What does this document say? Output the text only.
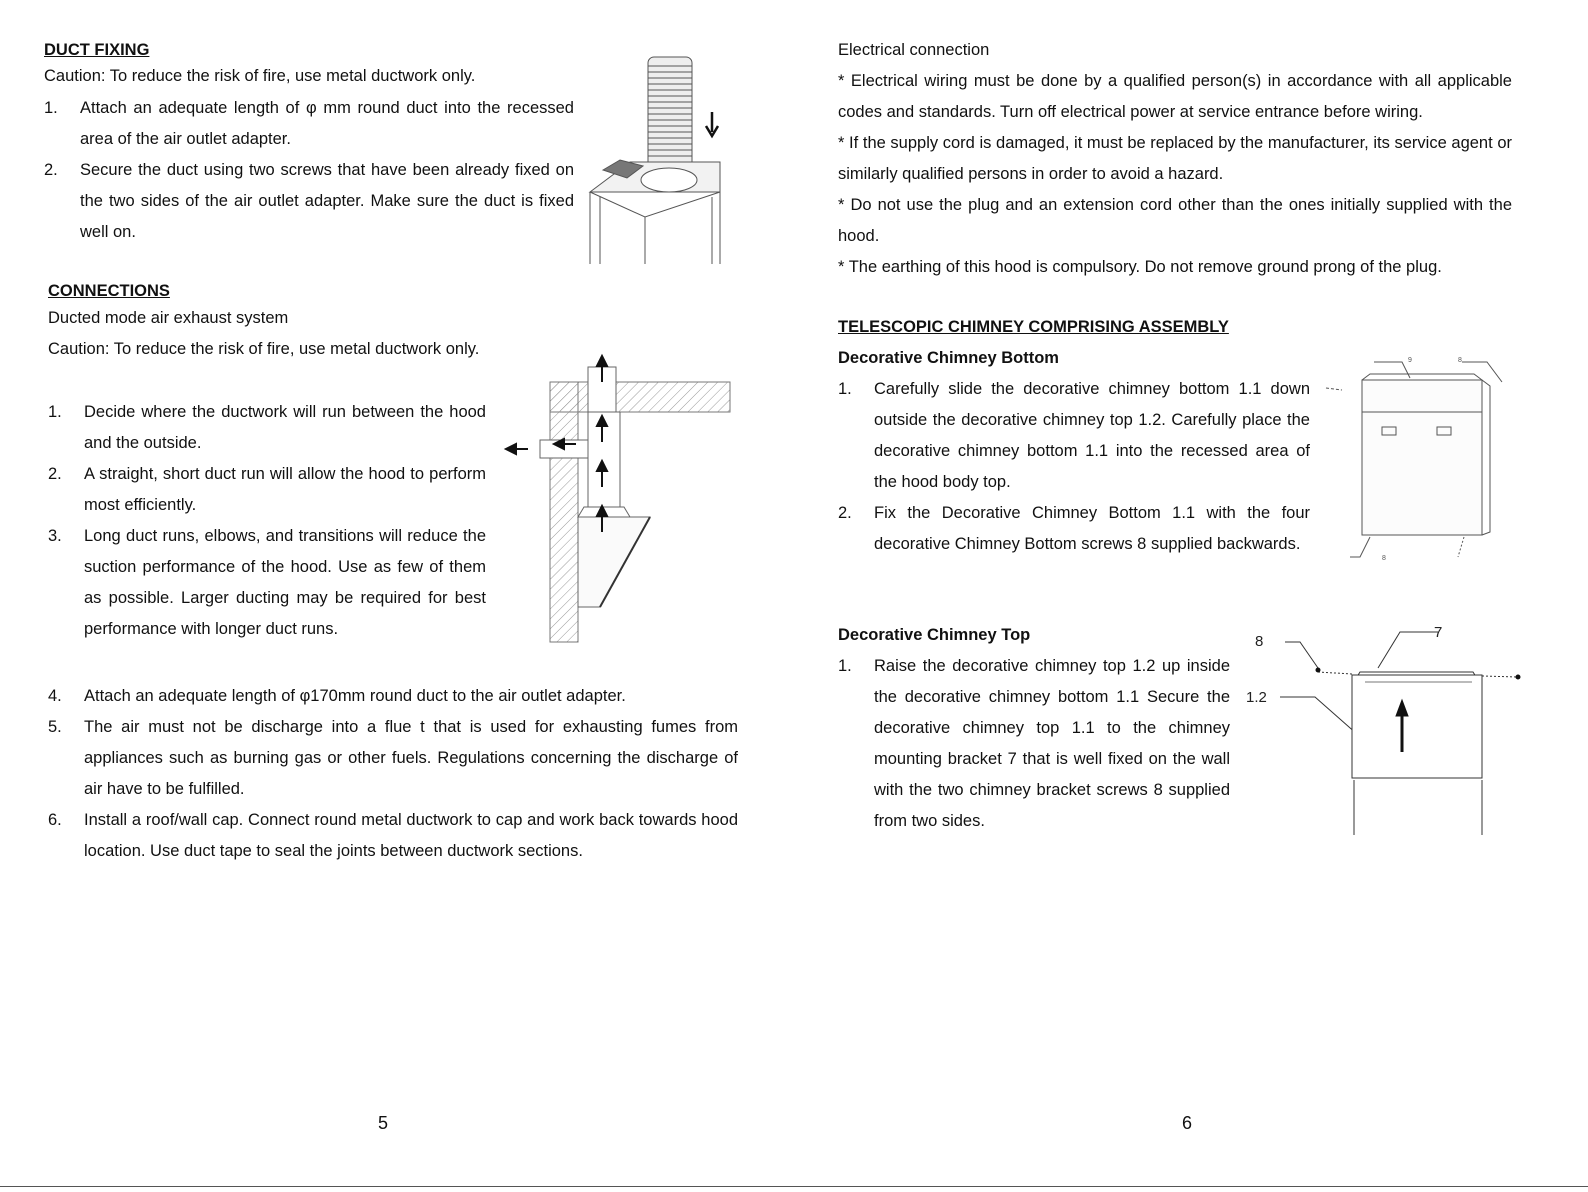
DUCT FIXING
Caution: To reduce the risk of fire, use metal ductwork only.
1. Attach an adequate length of φ mm round duct into the recessed area of the air outlet adapter.
2. Secure the duct using two screws that have been already fixed on the two sides of the air outlet adapter. Make sure the duct is fixed well on.
CONNECTIONS
Ducted mode air exhaust system
Caution: To reduce the risk of fire, use metal ductwork only.
1. Decide where the ductwork will run between the hood and the outside.
2. A straight, short duct run will allow the hood to perform most efficiently.
3. Long duct runs, elbows, and transitions will reduce the suction performance of the hood. Use as few of them as possible. Larger ducting may be required for best performance with longer duct runs.
4. Attach an adequate length of φ170mm round duct to the air outlet adapter.
5. The air must not be discharge into a flue t that is used for exhausting fumes from appliances such as burning gas or other fuels. Regulations concerning the discharge of air have to be fulfilled.
6. Install a roof/wall cap. Connect round metal ductwork to cap and work back towards hood location. Use duct tape to seal the joints between ductwork sections.
5
Electrical connection
* Electrical wiring must be done by a qualified person(s) in accordance with all applicable codes and standards. Turn off electrical power at service entrance before wiring.
* If the supply cord is damaged, it must be replaced by the manufacturer, its service agent or similarly qualified persons in order to avoid a hazard.
* Do not use the plug and an extension cord other than the ones initially supplied with the hood.
* The earthing of this hood is compulsory. Do not remove ground prong of the plug.
TELESCOPIC CHIMNEY COMPRISING ASSEMBLY
Decorative Chimney Bottom
1. Carefully slide the decorative chimney bottom 1.1 down outside the decorative chimney top 1.2. Carefully place the decorative chimney bottom 1.1 into the recessed area of the hood body top.
2. Fix the Decorative Chimney Bottom 1.1 with the four decorative Chimney Bottom screws 8 supplied backwards.
9	8
8
Decorative Chimney Top
1. Raise the decorative chimney top 1.2 up inside the decorative chimney bottom 1.1 Secure the decorative chimney top 1.1 to the chimney mounting bracket 7 that is well fixed on the wall with the two chimney bracket screws 8 supplied from two sides.
8
7
1.2
6
